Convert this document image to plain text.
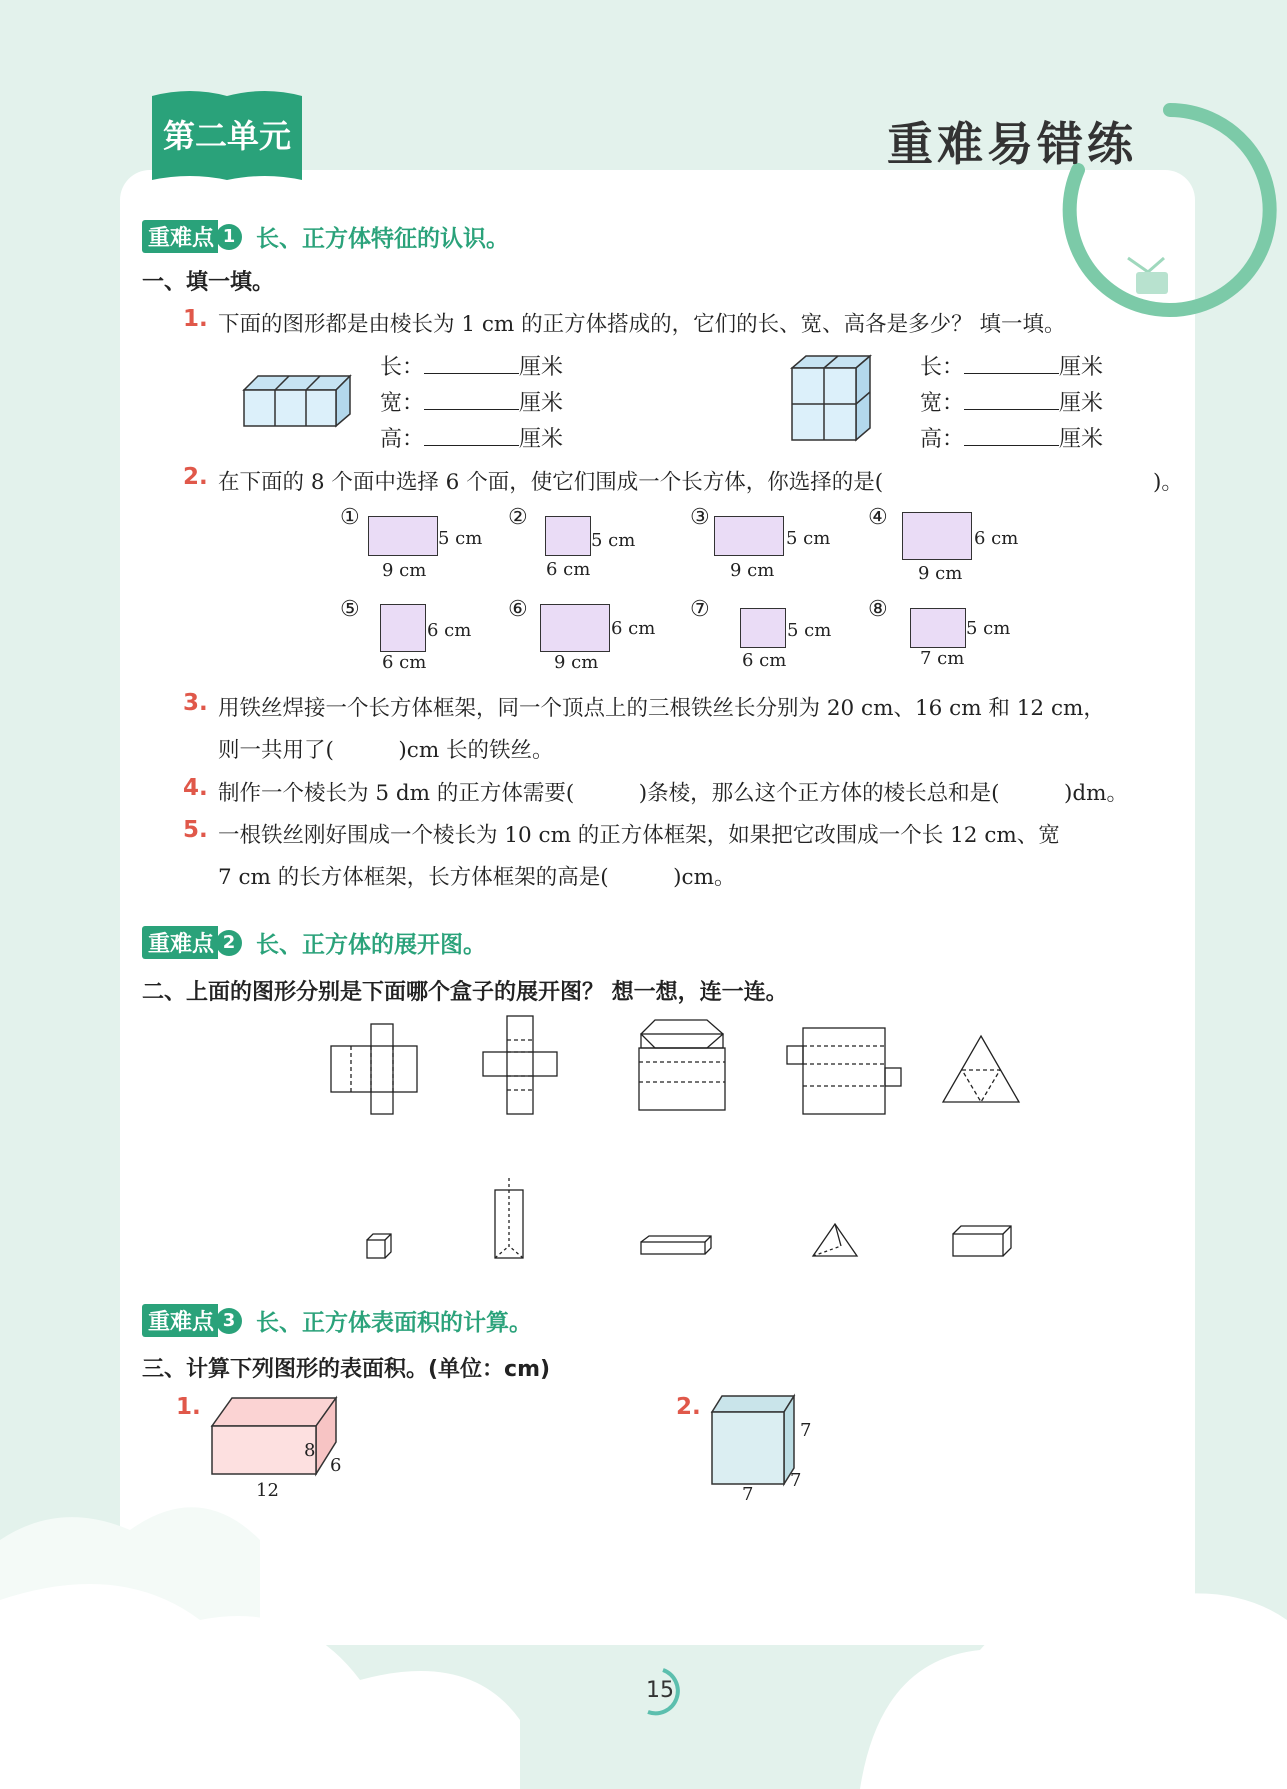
第二单元	重难易错练
重难点 1 长、正方体特征的认识。
一、填一填。
1. 下面的图形都是由棱长为 1 cm 的正方体搭成的，它们的长、宽、高各是多少？ 填一填。
长：	厘米
宽：	厘米
高：	厘米
长：	厘米
宽：	厘米
高：	厘米
2. 在下面的 8 个面中选择 6 个面，使它们围成一个长方体，你选择的是(	)。
①
5 cm
9 cm
②
5 cm
6 cm
③
5 cm
9 cm
④
6 cm
9 cm
⑤
6 cm
6 cm
⑥
6 cm
9 cm
⑦
5 cm
6 cm
⑧
5 cm
7 cm
3. 用铁丝焊接一个长方体框架，同一个顶点上的三根铁丝长分别为 20 cm、16 cm 和 12 cm，
则一共用了(　　　)cm 长的铁丝。
4. 制作一个棱长为 5 dm 的正方体需要(　　　)条棱，那么这个正方体的棱长总和是(　　　)dm。
5. 一根铁丝刚好围成一个棱长为 10 cm 的正方体框架，如果把它改围成一个长 12 cm、宽
7 cm 的长方体框架，长方体框架的高是(　　　)cm。
重难点 2 长、正方体的展开图。
二、上面的图形分别是下面哪个盒子的展开图？ 想一想，连一连。
重难点 3 长、正方体表面积的计算。
三、计算下列图形的表面积。(单位：cm)
1.
8
6
12
2.
7
7
7
15
